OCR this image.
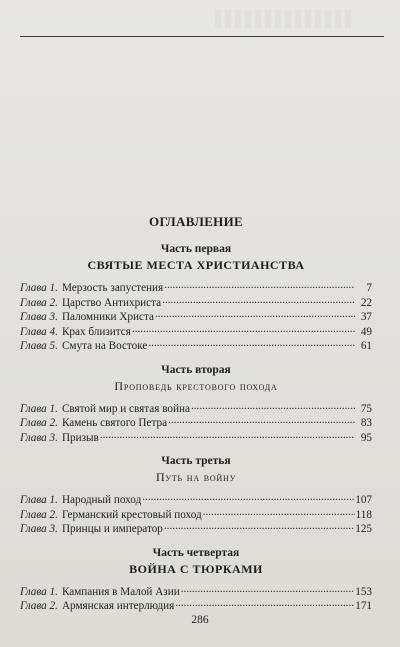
ОГЛАВЛЕНИЕ
Часть первая
СВЯТЫЕ МЕСТА ХРИСТИАНСТВА
Глава 1. Мерзость запустения . . .	7
Глава 2. Царство Антихриста . . .	22
Глава 3. Паломники Христа . . .	37
Глава 4. Крах близится . . .	49
Глава 5. Смута на Востоке . . .	61
Часть вторая
Проповедь крестового похода
Глава 1. Святой мир и святая война . . .	75
Глава 2. Камень святого Петра . . .	83
Глава 3. Призыв . . .	95
Часть третья
Путь на войну
Глава 1. Народный поход . . .	107
Глава 2. Германский крестовый поход . . .	118
Глава 3. Принцы и император . . .	125
Часть четвертая
ВОЙНА С ТЮРКАМИ
Глава 1. Кампания в Малой Азии . . .	153
Глава 2. Армянская интерлюдия . . .	171
286
